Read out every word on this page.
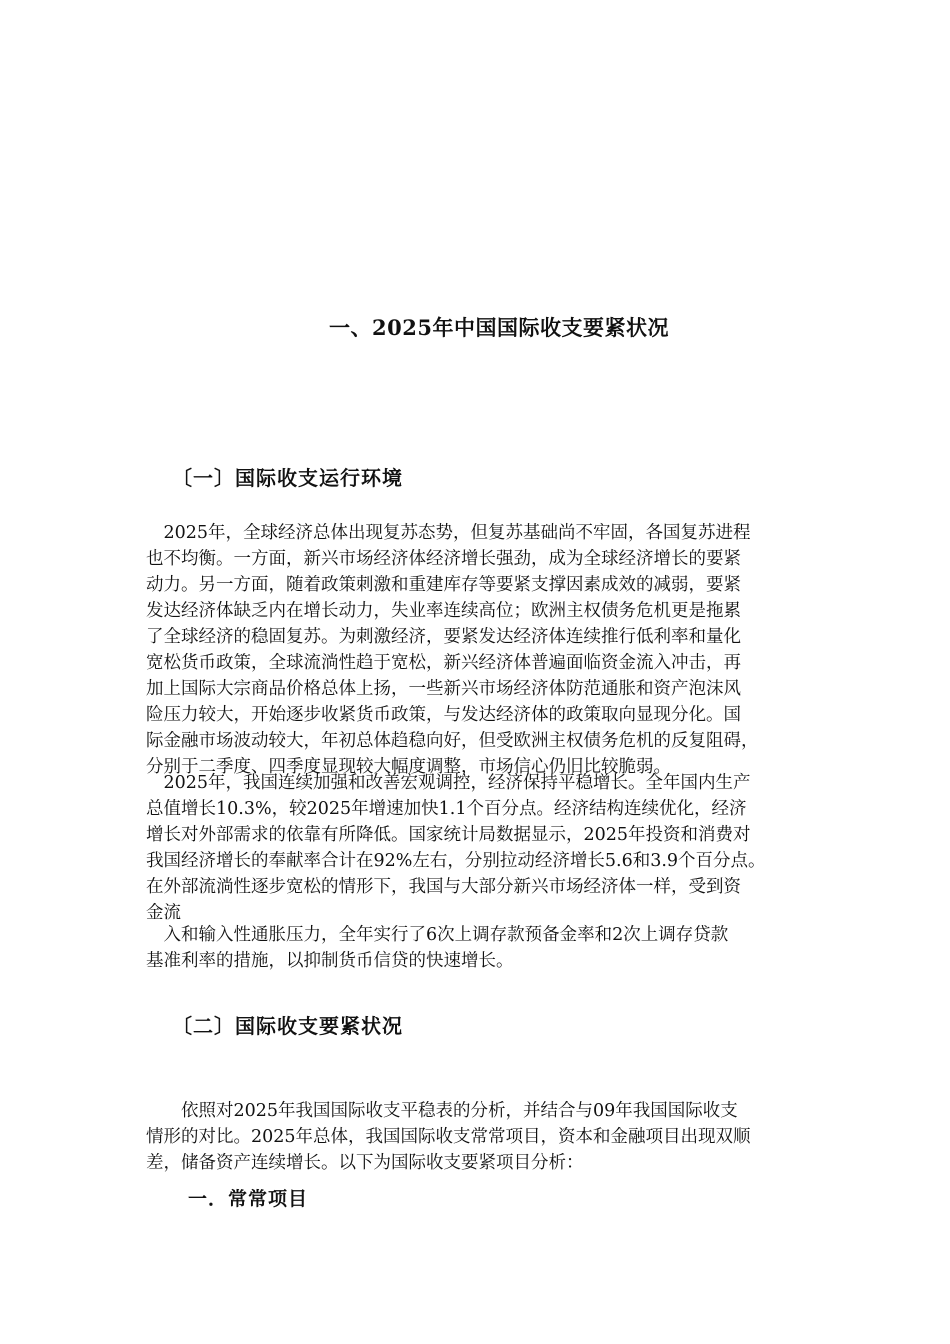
一、2025年中国国际收支要紧状况
〔一〕国际收支运行环境
　2025年，全球经济总体出现复苏态势，但复苏基础尚不牢固，各国复苏进程
也不均衡。一方面，新兴市场经济体经济增长强劲，成为全球经济增长的要紧
动力。另一方面，随着政策刺激和重建库存等要紧支撑因素成效的减弱，要紧
发达经济体缺乏内在增长动力，失业率连续高位；欧洲主权债务危机更是拖累
了全球经济的稳固复苏。为刺激经济，要紧发达经济体连续推行低利率和量化
宽松货币政策，全球流淌性趋于宽松，新兴经济体普遍面临资金流入冲击，再
加上国际大宗商品价格总体上扬，一些新兴市场经济体防范通胀和资产泡沫风
险压力较大，开始逐步收紧货币政策，与发达经济体的政策取向显现分化。国
际金融市场波动较大，年初总体趋稳向好，但受欧洲主权债务危机的反复阻碍，
分别于二季度、四季度显现较大幅度调整，市场信心仍旧比较脆弱。
　2025年，我国连续加强和改善宏观调控，经济保持平稳增长。全年国内生产
总值增长10.3%，较2025年增速加快1.1个百分点。经济结构连续优化，经济
增长对外部需求的依靠有所降低。国家统计局数据显示，2025年投资和消费对
我国经济增长的奉献率合计在92%左右，分别拉动经济增长5.6和3.9个百分点。
在外部流淌性逐步宽松的情形下，我国与大部分新兴市场经济体一样，受到资
金流
　入和输入性通胀压力，全年实行了6次上调存款预备金率和2次上调存贷款
基准利率的措施，以抑制货币信贷的快速增长。
〔二〕国际收支要紧状况
　　依照对2025年我国国际收支平稳表的分析，并结合与09年我国国际收支
情形的对比。2025年总体，我国国际收支常常项目，资本和金融项目出现双顺
差，储备资产连续增长。以下为国际收支要紧项目分析：
一．常常项目
